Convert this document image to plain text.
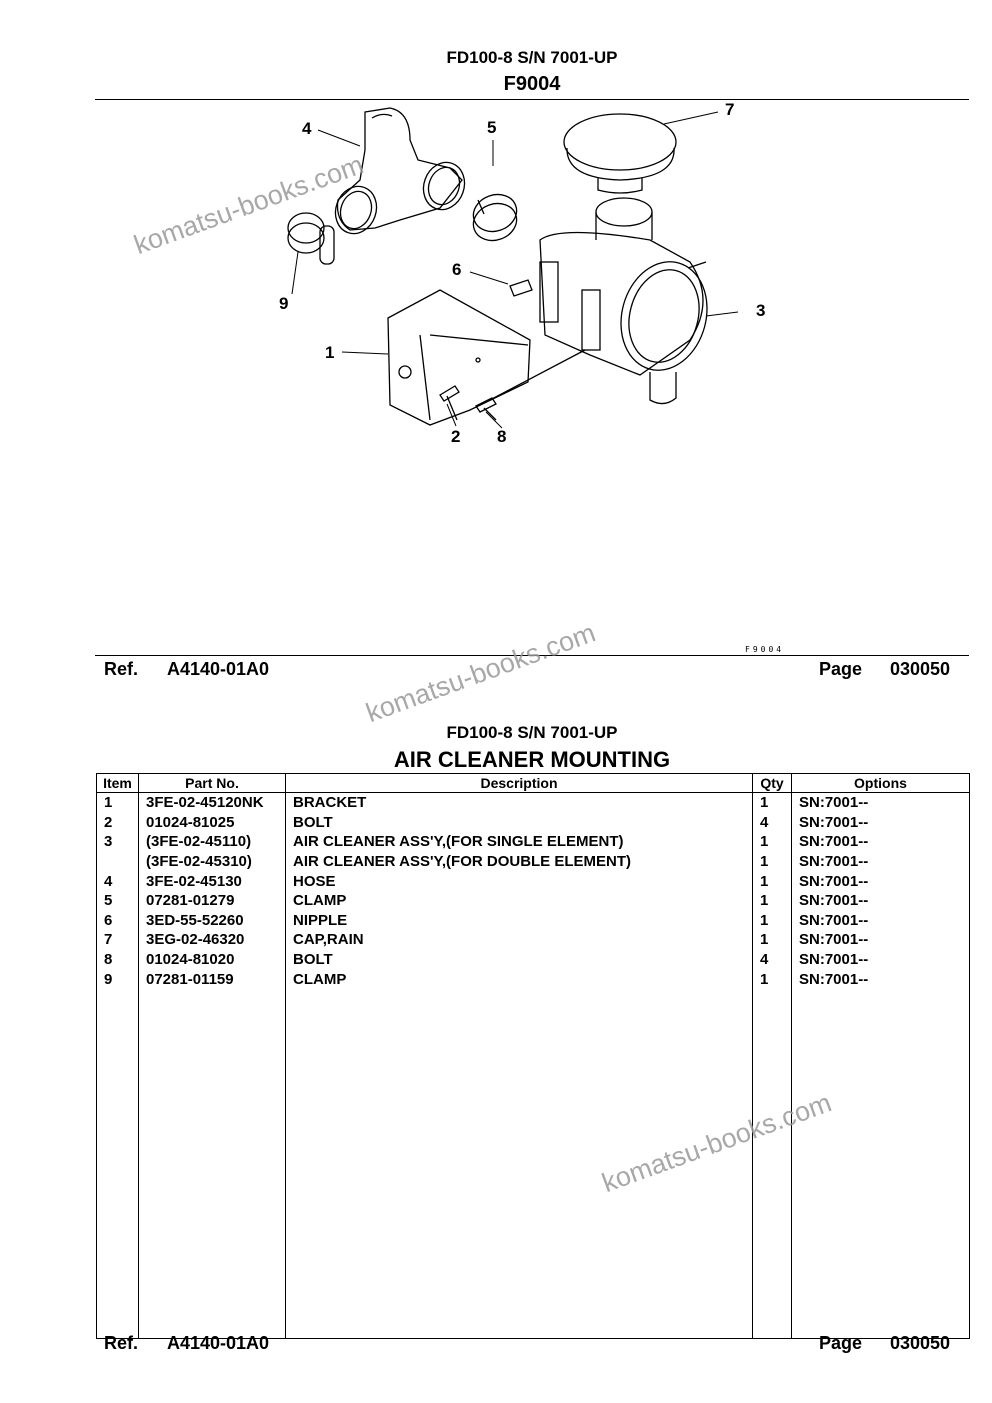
FD100-8 S/N 7001-UP
F9004
1
2
3
4	5
6
7
8
9
F9004
Ref. A4140-01A0	Page 030050
FD100-8 S/N 7001-UP
AIR CLEANER MOUNTING
Item	Part No.	Description	Qty	Options
1	3FE-02-45120NK	BRACKET	1	SN:7001--
2	01024-81025	BOLT	4	SN:7001--
3	(3FE-02-45110)	AIR CLEANER ASS'Y,(FOR SINGLE ELEMENT)	1	SN:7001--
	(3FE-02-45310)	AIR CLEANER ASS'Y,(FOR DOUBLE ELEMENT)	1	SN:7001--
4	3FE-02-45130	HOSE	1	SN:7001--
5	07281-01279	CLAMP	1	SN:7001--
6	3ED-55-52260	NIPPLE	1	SN:7001--
7	3EG-02-46320	CAP,RAIN	1	SN:7001--
8	01024-81020	BOLT	4	SN:7001--
9	07281-01159	CLAMP	1	SN:7001--

Ref. A4140-01A0	Page 030050
komatsu-books.com
komatsu-books.com
komatsu-books.com
